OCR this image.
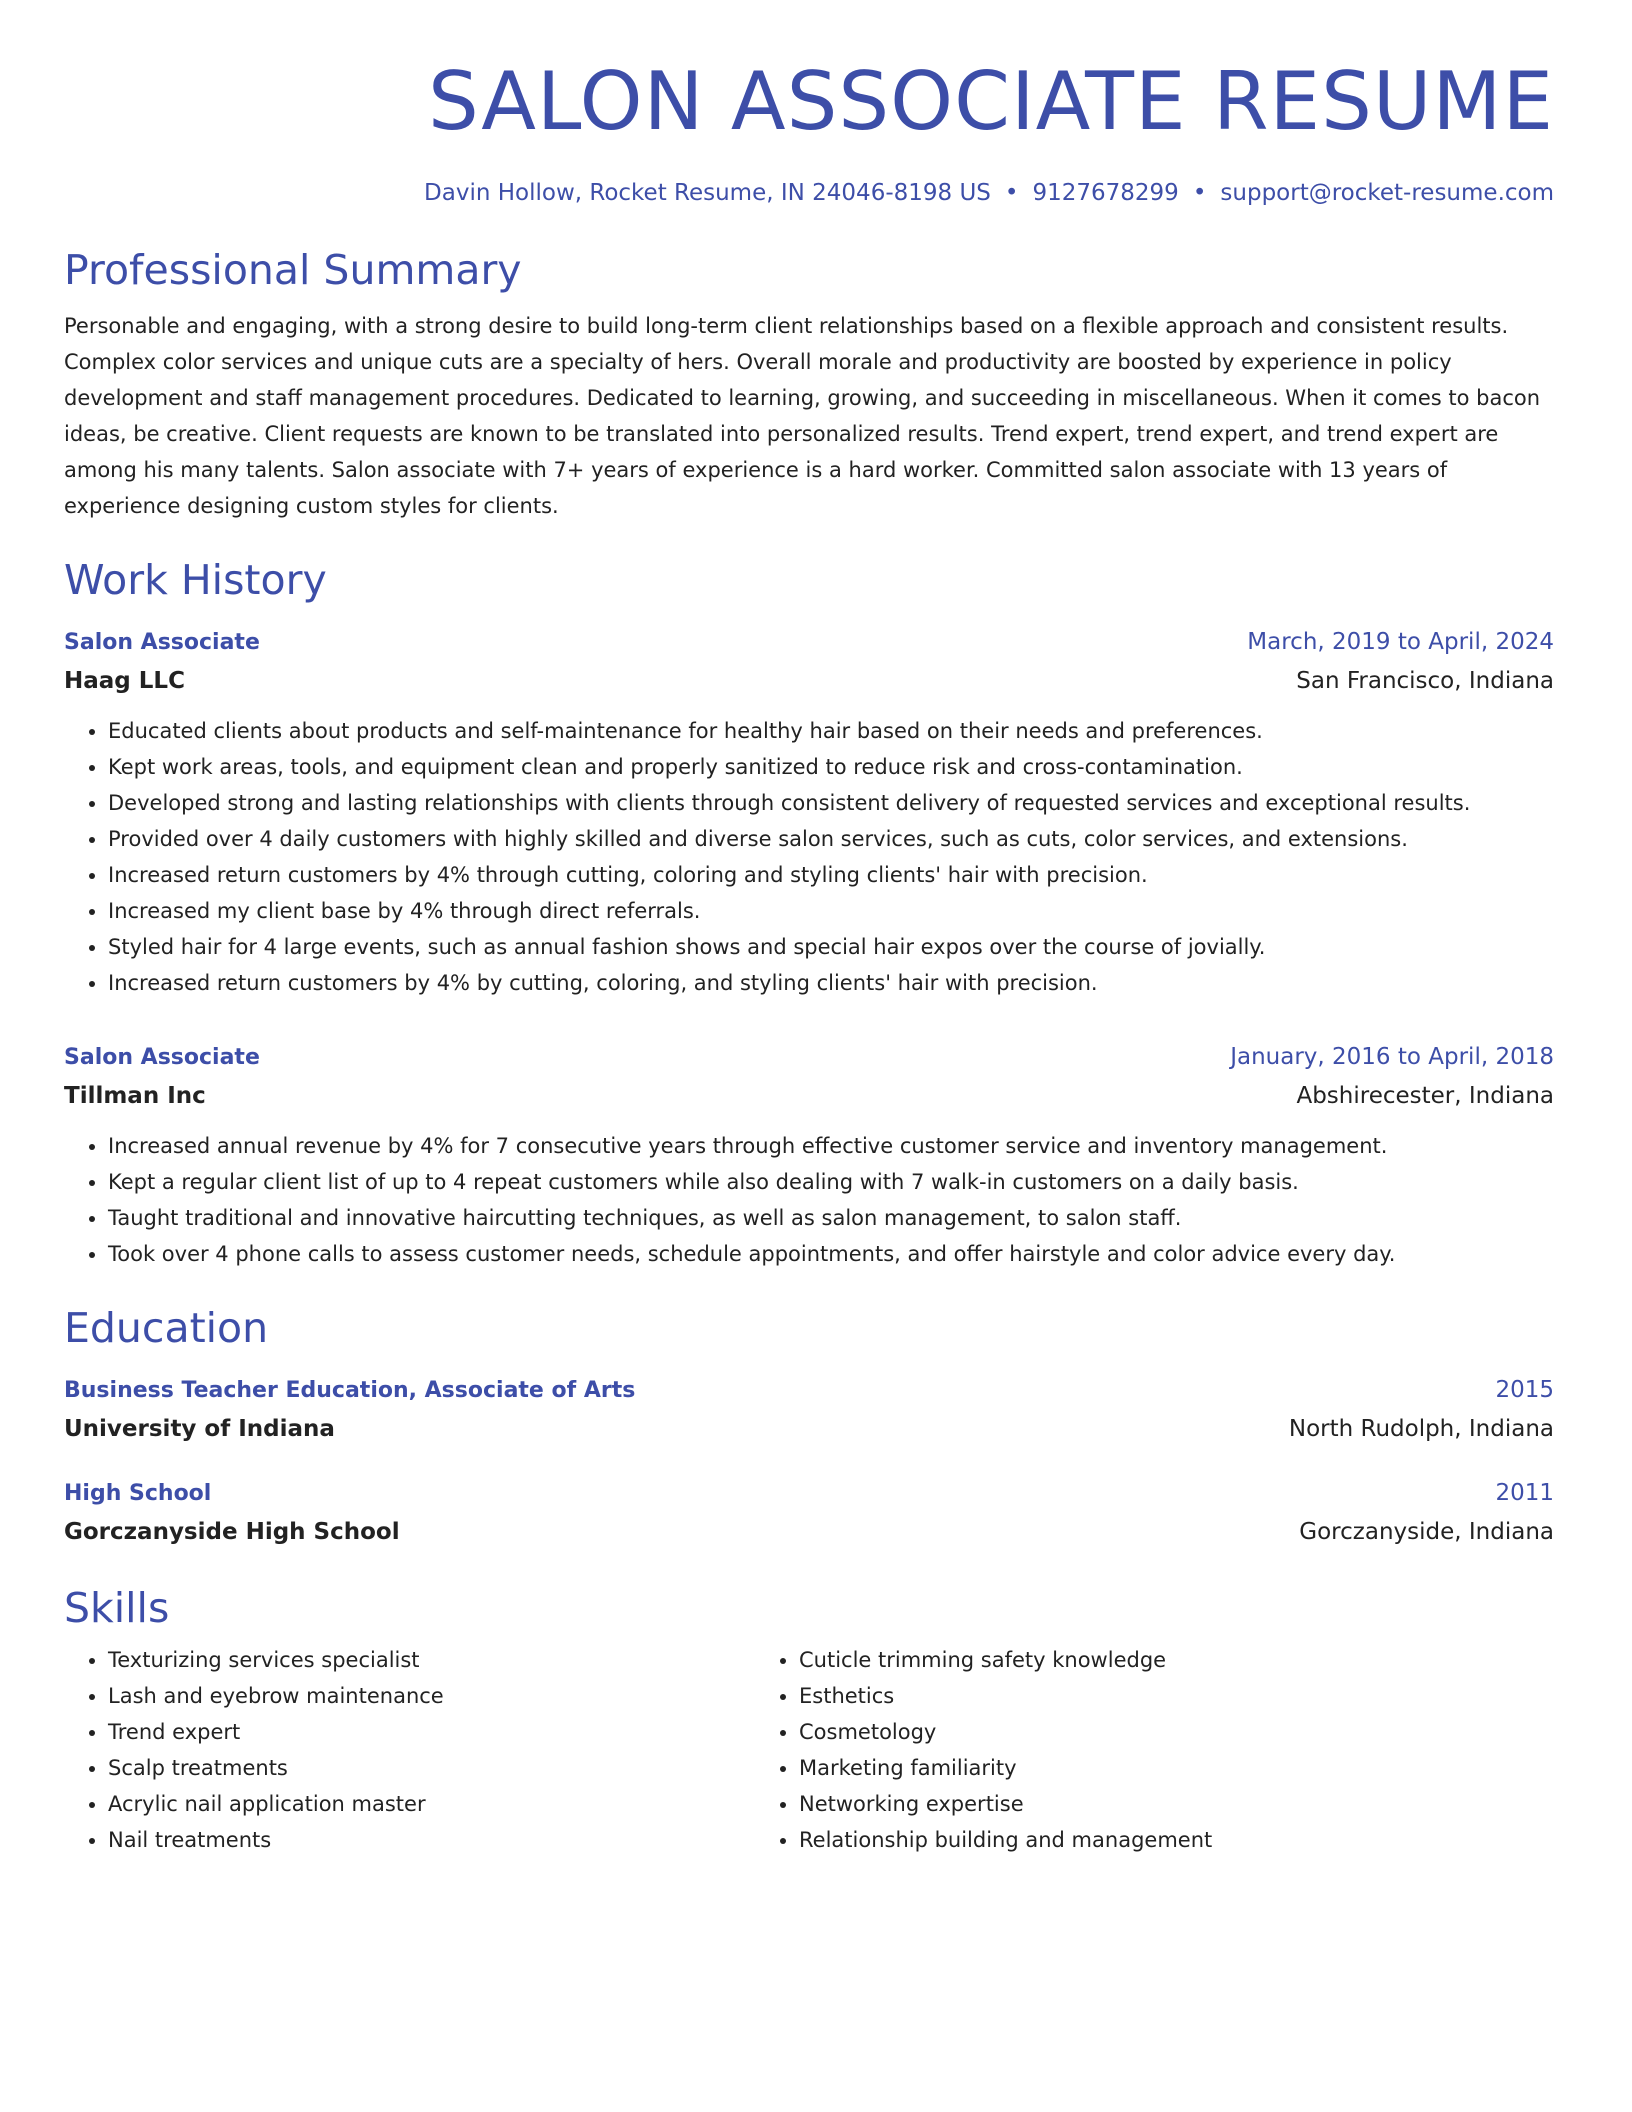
SALON ASSOCIATE RESUME
Davin Hollow, Rocket Resume, IN 24046-8198 US • 9127678299 • support@rocket-resume.com
Professional Summary
Personable and engaging, with a strong desire to build long-term client relationships based on a flexible approach and consistent results. Complex color services and unique cuts are a specialty of hers. Overall morale and productivity are boosted by experience in policy development and staff management procedures. Dedicated to learning, growing, and succeeding in miscellaneous. When it comes to bacon ideas, be creative. Client requests are known to be translated into personalized results. Trend expert, trend expert, and trend expert are among his many talents. Salon associate with 7+ years of experience is a hard worker. Committed salon associate with 13 years of experience designing custom styles for clients.
Work History
Salon Associate	March, 2019 to April, 2024
Haag LLC	San Francisco, Indiana
• Educated clients about products and self-maintenance for healthy hair based on their needs and preferences.
• Kept work areas, tools, and equipment clean and properly sanitized to reduce risk and cross-contamination.
• Developed strong and lasting relationships with clients through consistent delivery of requested services and exceptional results.
• Provided over 4 daily customers with highly skilled and diverse salon services, such as cuts, color services, and extensions.
• Increased return customers by 4% through cutting, coloring and styling clients' hair with precision.
• Increased my client base by 4% through direct referrals.
• Styled hair for 4 large events, such as annual fashion shows and special hair expos over the course of jovially.
• Increased return customers by 4% by cutting, coloring, and styling clients' hair with precision.
Salon Associate	January, 2016 to April, 2018
Tillman Inc	Abshirecester, Indiana
• Increased annual revenue by 4% for 7 consecutive years through effective customer service and inventory management.
• Kept a regular client list of up to 4 repeat customers while also dealing with 7 walk-in customers on a daily basis.
• Taught traditional and innovative haircutting techniques, as well as salon management, to salon staff.
• Took over 4 phone calls to assess customer needs, schedule appointments, and offer hairstyle and color advice every day.
Education
Business Teacher Education, Associate of Arts	2015
University of Indiana	North Rudolph, Indiana
High School	2011
Gorczanyside High School	Gorczanyside, Indiana
Skills
• Texturizing services specialist
• Lash and eyebrow maintenance
• Trend expert
• Scalp treatments
• Acrylic nail application master
• Nail treatments
• Cuticle trimming safety knowledge
• Esthetics
• Cosmetology
• Marketing familiarity
• Networking expertise
• Relationship building and management
